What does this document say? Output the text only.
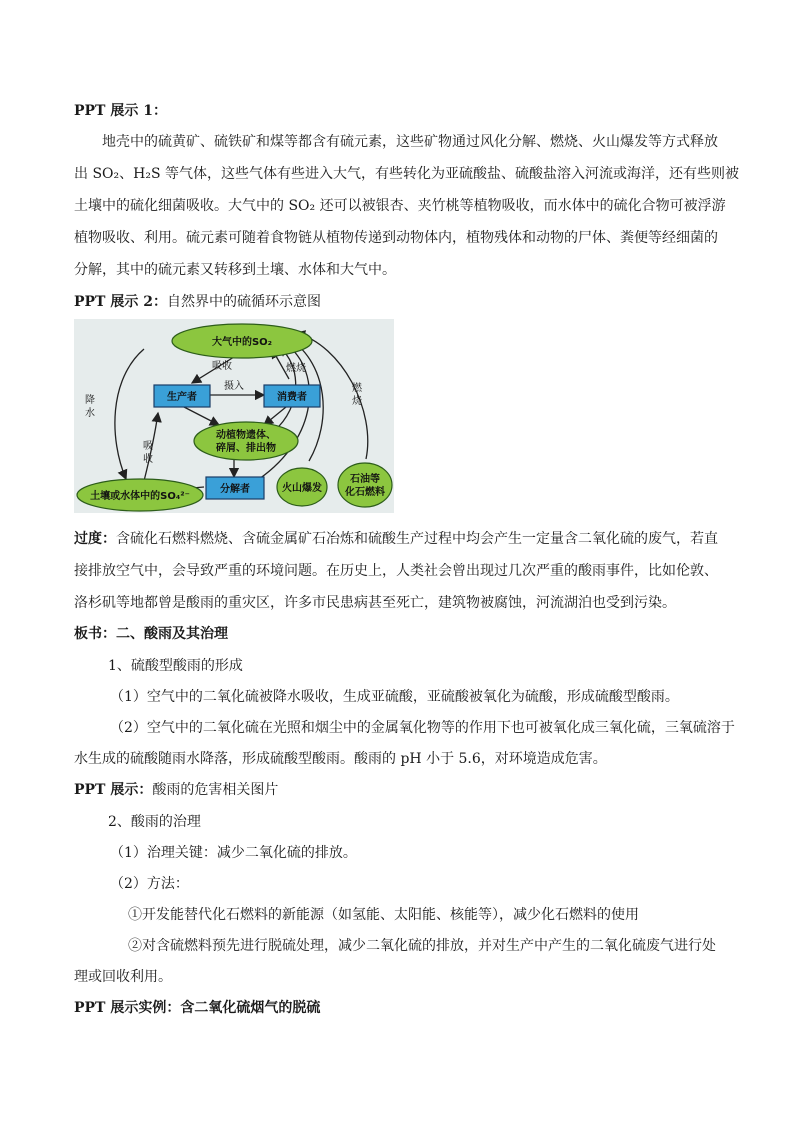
PPT 展示 1：
地壳中的硫黄矿、硫铁矿和煤等都含有硫元素，这些矿物通过风化分解、燃烧、火山爆发等方式释放
出 SO₂、H₂S 等气体，这些气体有些进入大气，有些转化为亚硫酸盐、硫酸盐溶入河流或海洋，还有些则被
土壤中的硫化细菌吸收。大气中的 SO₂ 还可以被银杏、夹竹桃等植物吸收，而水体中的硫化合物可被浮游
植物吸收、利用。硫元素可随着食物链从植物传递到动物体内，植物残体和动物的尸体、粪便等经细菌的
分解，其中的硫元素又转移到土壤、水体和大气中。
PPT 展示 2：自然界中的硫循环示意图
大气中的SO₂
生产者	消费者
动植物遗体、
碎屑、排出物
分解者	火山爆发
石油等
化石燃料
土壤或水体中的SO₄²⁻
吸收
摄入
燃烧
降
水
吸
收
燃
烧
过度：含硫化石燃料燃烧、含硫金属矿石冶炼和硫酸生产过程中均会产生一定量含二氧化硫的废气，若直
接排放空气中，会导致严重的环境问题。在历史上，人类社会曾出现过几次严重的酸雨事件，比如伦敦、
洛杉矶等地都曾是酸雨的重灾区，许多市民患病甚至死亡，建筑物被腐蚀，河流湖泊也受到污染。
板书：二、酸雨及其治理
1、硫酸型酸雨的形成
（1）空气中的二氧化硫被降水吸收，生成亚硫酸，亚硫酸被氧化为硫酸，形成硫酸型酸雨。
（2）空气中的二氧化硫在光照和烟尘中的金属氧化物等的作用下也可被氧化成三氧化硫，三氧硫溶于
水生成的硫酸随雨水降落，形成硫酸型酸雨。酸雨的 pH 小于 5.6，对环境造成危害。
PPT 展示：酸雨的危害相关图片
2、酸雨的治理
（1）治理关键：减少二氧化硫的排放。
（2）方法：
①开发能替代化石燃料的新能源（如氢能、太阳能、核能等），减少化石燃料的使用
②对含硫燃料预先进行脱硫处理，减少二氧化硫的排放，并对生产中产生的二氧化硫废气进行处
理或回收利用。
PPT 展示实例：含二氧化硫烟气的脱硫
